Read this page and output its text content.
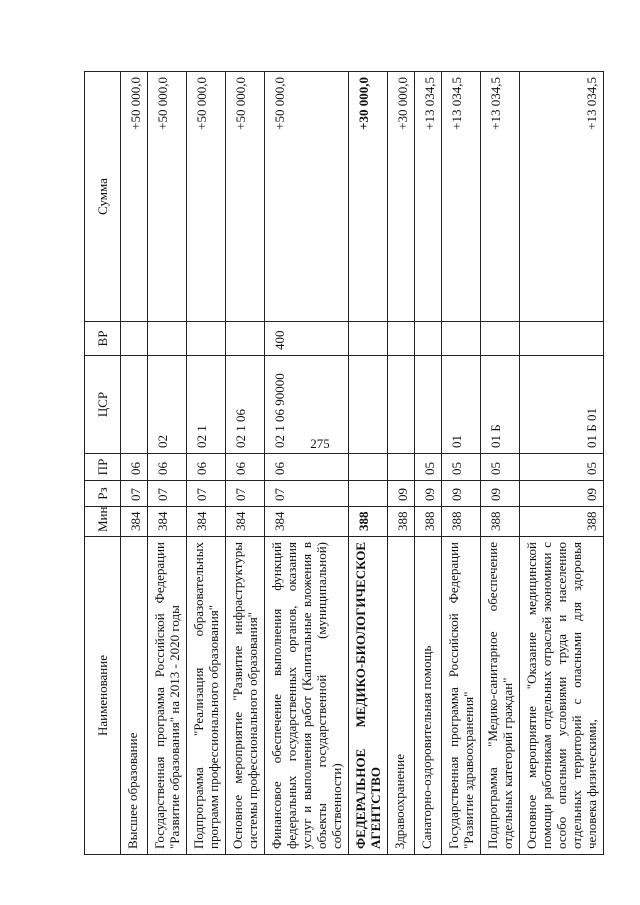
275
Наименование	Мин	Рз	ПР	ЦСР	ВР	Сумма
Высшее образование	384	07	06			+50 000,0
Государственная программа Российской Федерации "Развитие образования" на 2013 - 2020 годы	384	07	06	02		+50 000,0
Подпрограмма "Реализация образовательных программ профессионального образования"	384	07	06	02 1		+50 000,0
Основное мероприятие "Развитие инфраструктуры системы профессионального образования"	384	07	06	02 1 06		+50 000,0
Финансовое обеспечение выполнения функций федеральных государственных органов, оказания услуг и выполнения работ (Капитальные вложения в объекты государственной (муниципальной) собственности)	384	07	06	02 1 06 90000	400	+50 000,0
ФЕДЕРАЛЬНОЕ МЕДИКО-БИОЛОГИЧЕСКОЕ АГЕНТСТВО	388					+30 000,0
Здравоохранение	388	09				+30 000,0
Санаторно-оздоровительная помощь	388	09	05			+13 034,5
Государственная программа Российской Федерации "Развитие здравоохранения"	388	09	05	01		+13 034,5
Подпрограмма "Медико-санитарное обеспечение отдельных категорий граждан"	388	09	05	01 Б		+13 034,5
Основное мероприятие "Оказание медицинской помощи работникам отдельных отраслей экономики с особо опасными условиями труда и населению отдельных территорий с опасными для здоровья человека физическими,	388	09	05	01 Б 01		+13 034,5
